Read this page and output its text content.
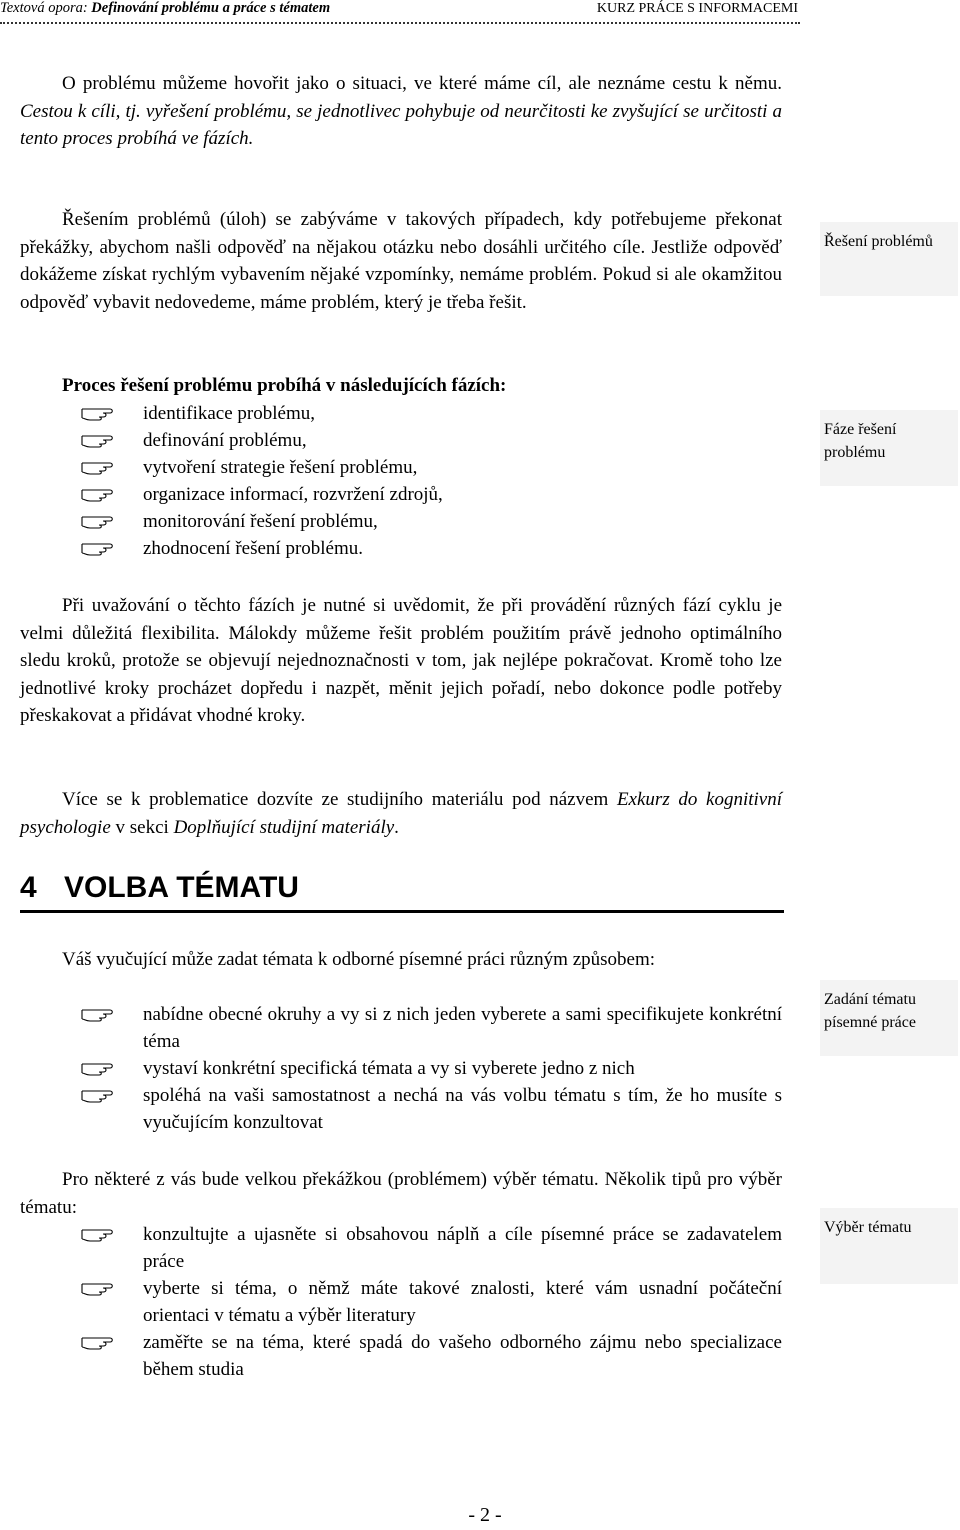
Textová opora: Definování problému a práce s tématem	KURZ PRÁCE S INFORMACEMI

O problému můžeme hovořit jako o situaci, ve které máme cíl, ale neznáme cestu k němu. Cestou k cíli, tj. vyřešení problému, se jednotlivec pohybuje od neurčitosti ke zvyšující se určitosti a tento proces probíhá ve fázích.

Řešením problémů (úloh) se zabýváme v takových případech, kdy potřebujeme překonat překážky, abychom našli odpověď na nějakou otázku nebo dosáhli určitého cíle. Jestliže odpověď dokážeme získat rychlým vybavením nějaké vzpomínky, nemáme problém. Pokud si ale okamžitou odpověď vybavit nedovedeme, máme problém, který je třeba řešit.

Řešení problémů
Proces řešení problému probíhá v následujících fázích:
identifikace problému,
definování problému,
vytvoření strategie řešení problému,
organizace informací, rozvržení zdrojů,
monitorování řešení problému,
zhodnocení řešení problému.
Fáze řešení problému

Při uvažování o těchto fázích je nutné si uvědomit, že při provádění různých fází cyklu je velmi důležitá flexibilita. Málokdy můžeme řešit problém použitím právě jednoho optimálního sledu kroků, protože se objevují nejednoznačnosti v tom, jak nejlépe pokračovat. Kromě toho lze jednotlivé kroky procházet dopředu i nazpět, měnit jejich pořadí, nebo dokonce podle potřeby přeskakovat a přidávat vhodné kroky.

Více se k problematice dozvíte ze studijního materiálu pod názvem Exkurz do kognitivní psychologie v sekci Doplňující studijní materiály.

4 VOLBA TÉMATU

Váš vyučující může zadat témata k odborné písemné práci různým způsobem:

Zadání tématu písemné práce
nabídne obecné okruhy a vy si z nich jeden vyberete a sami specifikujete konkrétní téma
vystaví konkrétní specifická témata a vy si vyberete jedno z nich
spoléhá na vaši samostatnost a nechá na vás volbu tématu s tím, že ho musíte s vyučujícím konzultovat

Pro některé z vás bude velkou překážkou (problémem) výběr tématu. Několik tipů pro výběr tématu:

Výběr tématu
konzultujte a ujasněte si obsahovou náplň a cíle písemné práce se zadavatelem práce
vyberte si téma, o němž máte takové znalosti, které vám usnadní počáteční orientaci v tématu a výběr literatury
zaměřte se na téma, které spadá do vašeho odborného zájmu nebo specializace během studia
- 2 -
